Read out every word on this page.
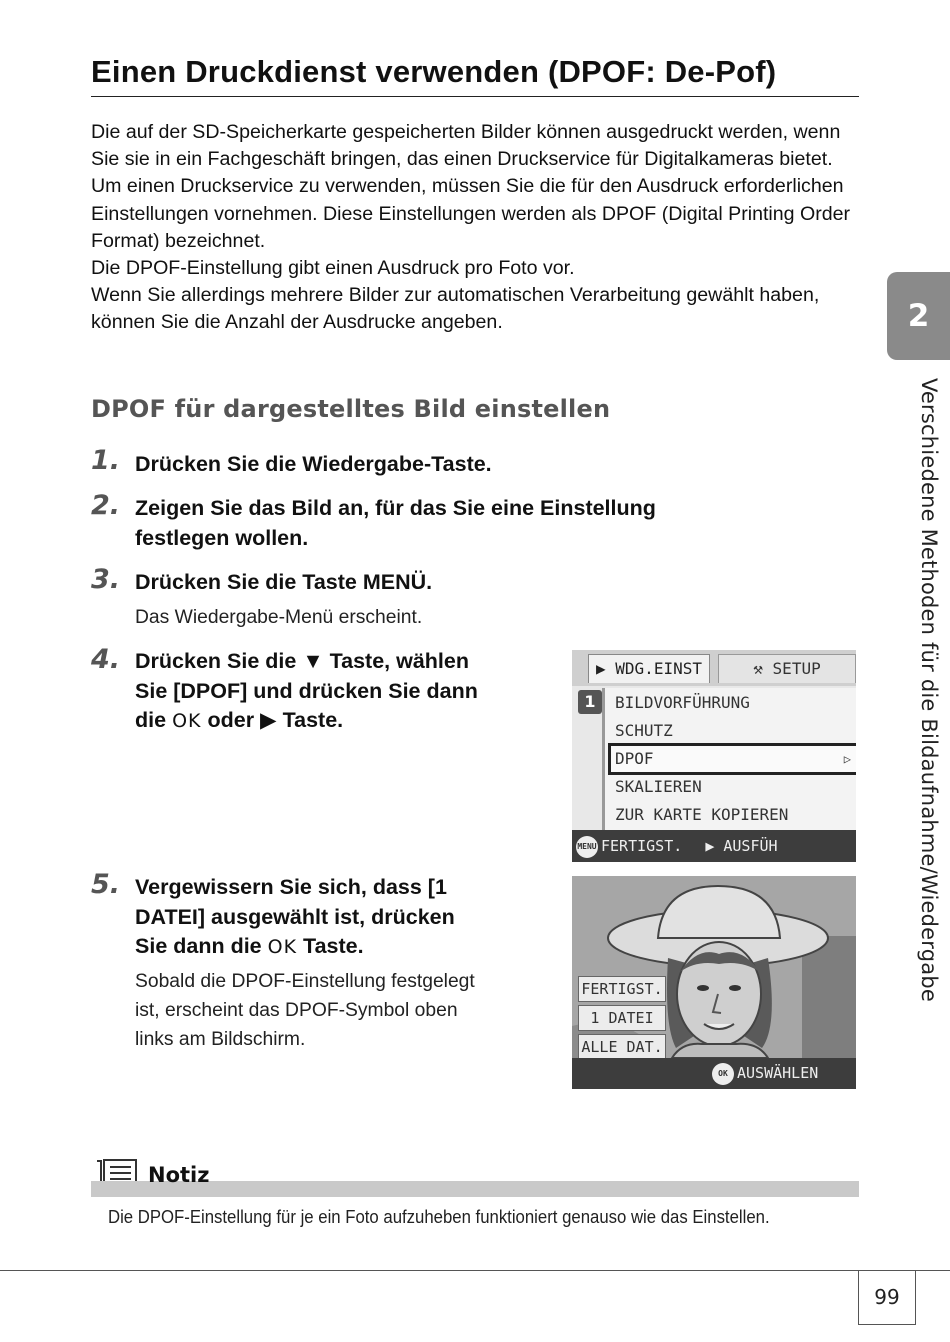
Einen Druckdienst verwenden (DPOF: De-Pof)

Die auf der SD-Speicherkarte gespeicherten Bilder können ausgedruckt werden, wenn Sie sie in ein Fachgeschäft bringen, das einen Druckservice für Digitalkameras bietet.

Um einen Druckservice zu verwenden, müssen Sie die für den Ausdruck erforderlichen Einstellungen vornehmen. Diese Einstellungen werden als DPOF (Digital Printing Order Format) bezeichnet.

Die DPOF-Einstellung gibt einen Ausdruck pro Foto vor.

Wenn Sie allerdings mehrere Bilder zur automatischen Verarbeitung gewählt haben, können Sie die Anzahl der Ausdrucke angeben.

DPOF für dargestelltes Bild einstellen
1. Drücken Sie die Wiedergabe-Taste.
2. Zeigen Sie das Bild an, für das Sie eine Einstellung
festlegen wollen.
3. Drücken Sie die Taste MENÜ.
Das Wiedergabe-Menü erscheint.
4. Drücken Sie die ▼ Taste, wählen
Sie [DPOF] und drücken Sie dann
die OK oder ▶ Taste.
▶ WDG.EINST	⚒ SETUP
1	BILDVORFÜHRUNG
SCHUTZ
DPOF	▷
SKALIEREN
ZUR KARTE KOPIEREN
MENU FERTIGST. ▶ AUSFÜH
5. Vergewissern Sie sich, dass [1
DATEI] ausgewählt ist, drücken
Sie dann die OK Taste.
Sobald die DPOF-Einstellung festgelegt
ist, erscheint das DPOF-Symbol oben
links am Bildschirm.
FERTIGST.
1 DATEI
ALLE DAT.
OK AUSWÄHLEN
2
Verschiedene Methoden für die Bildaufnahme/Wiedergabe
Notiz
Die DPOF-Einstellung für je ein Foto aufzuheben funktioniert genauso wie das Einstellen.
99
